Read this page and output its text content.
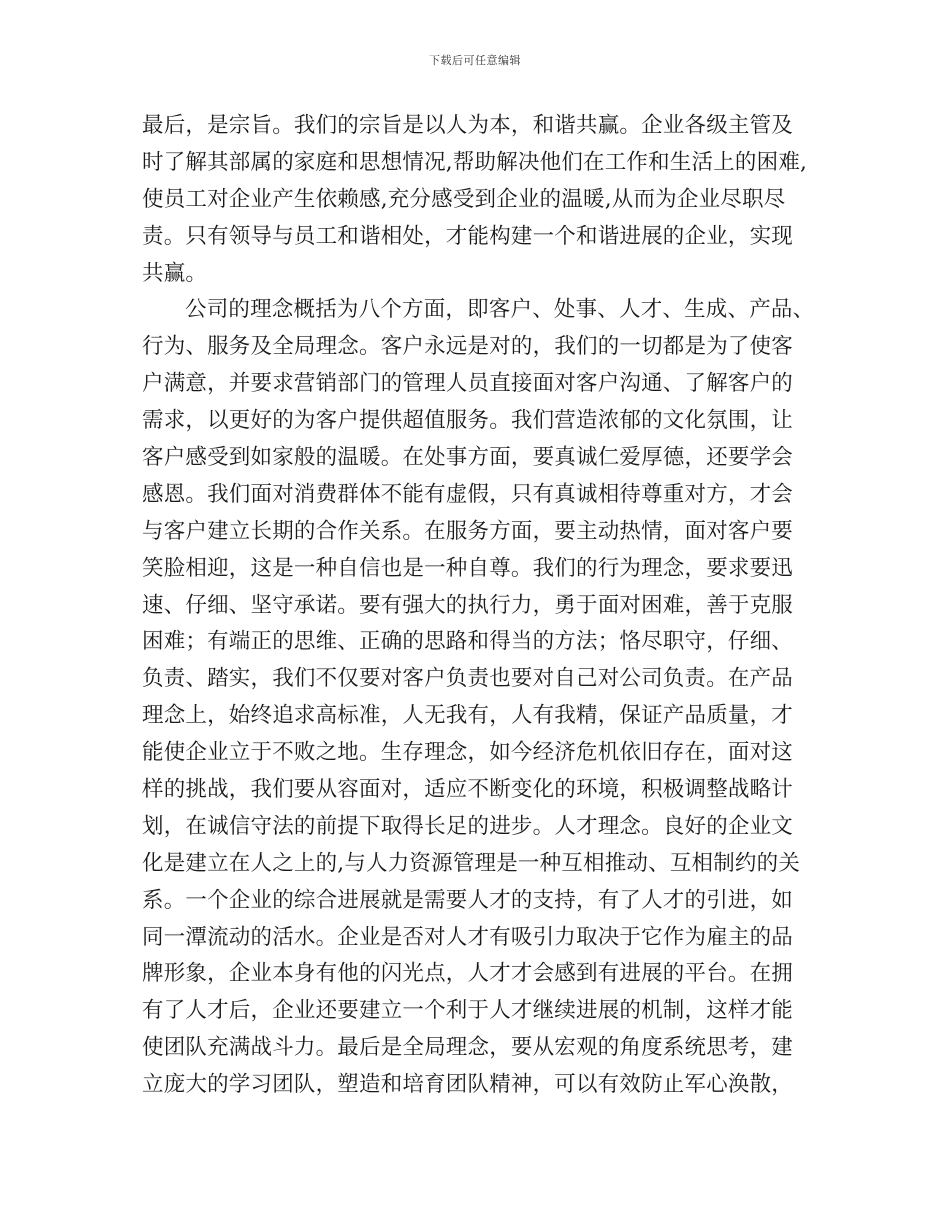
下载后可任意编辑
最后，是宗旨。我们的宗旨是以人为本，和谐共赢。企业各级主管及
时了解其部属的家庭和思想情况,帮助解决他们在工作和生活上的困难,
使员工对企业产生依赖感,充分感受到企业的温暖,从而为企业尽职尽
责。只有领导与员工和谐相处，才能构建一个和谐进展的企业，实现
共赢。
公司的理念概括为八个方面，即客户、处事、人才、生成、产品、
行为、服务及全局理念。客户永远是对的，我们的一切都是为了使客
户满意，并要求营销部门的管理人员直接面对客户沟通、了解客户的
需求，以更好的为客户提供超值服务。我们营造浓郁的文化氛围，让
客户感受到如家般的温暖。在处事方面，要真诚仁爱厚德，还要学会
感恩。我们面对消费群体不能有虚假，只有真诚相待尊重对方，才会
与客户建立长期的合作关系。在服务方面，要主动热情，面对客户要
笑脸相迎，这是一种自信也是一种自尊。我们的行为理念，要求要迅
速、仔细、坚守承诺。要有强大的执行力，勇于面对困难，善于克服
困难；有端正的思维、正确的思路和得当的方法；恪尽职守，仔细、
负责、踏实，我们不仅要对客户负责也要对自己对公司负责。在产品
理念上，始终追求高标准，人无我有，人有我精，保证产品质量，才
能使企业立于不败之地。生存理念，如今经济危机依旧存在，面对这
样的挑战，我们要从容面对，适应不断变化的环境，积极调整战略计
划，在诚信守法的前提下取得长足的进步。人才理念。良好的企业文
化是建立在人之上的,与人力资源管理是一种互相推动、互相制约的关
系。一个企业的综合进展就是需要人才的支持，有了人才的引进，如
同一潭流动的活水。企业是否对人才有吸引力取决于它作为雇主的品
牌形象，企业本身有他的闪光点，人才才会感到有进展的平台。在拥
有了人才后，企业还要建立一个利于人才继续进展的机制，这样才能
使团队充满战斗力。最后是全局理念，要从宏观的角度系统思考，建
立庞大的学习团队，塑造和培育团队精神，可以有效防止军心涣散，
